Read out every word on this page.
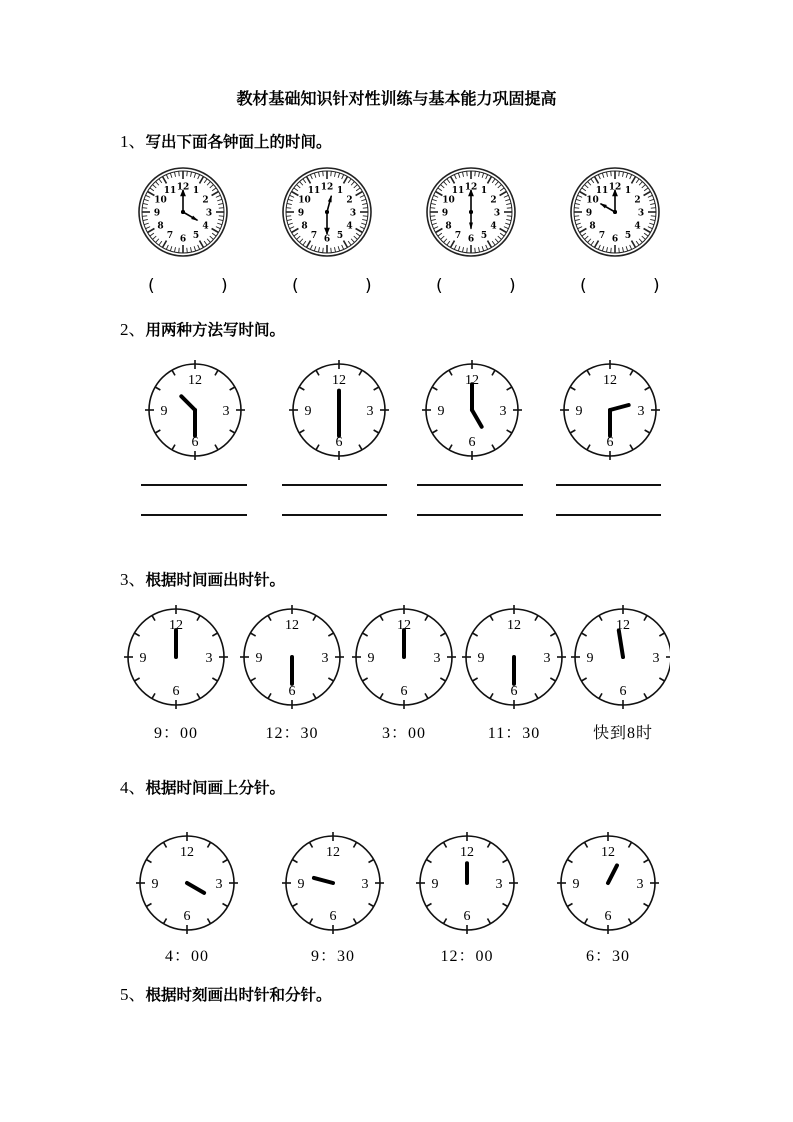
教材基础知识针对性训练与基本能力巩固提高
1、写出下面各钟面上的时间。
12 1
2
3
4
5
6
7
8
9
10
11
(	)
12 1
2
3
4
5
6
7
8
9
10
11
(	)
12 1
2
3
4
5
6
7
8
9
10
11
(	)
12 1
2
3
4
5
6
7
8
9
10
11
(	)
2、用两种方法写时间。
12
3
6
9
12
3
6
9
12
3
6
9
12
3
6
9
3、根据时间画出时针。
12
3
6
9
9：00
12
3
6
9
12：30
12
3
6
9
3：00
12
3
6
9
11：30
12
3
6
9
快到8时
4、根据时间画上分针。
12
3
6
9
4：00
12
3
6
9
9：30
12
3
6
9
12：00
12
3
6
9
6：30
5、根据时刻画出时针和分针。
